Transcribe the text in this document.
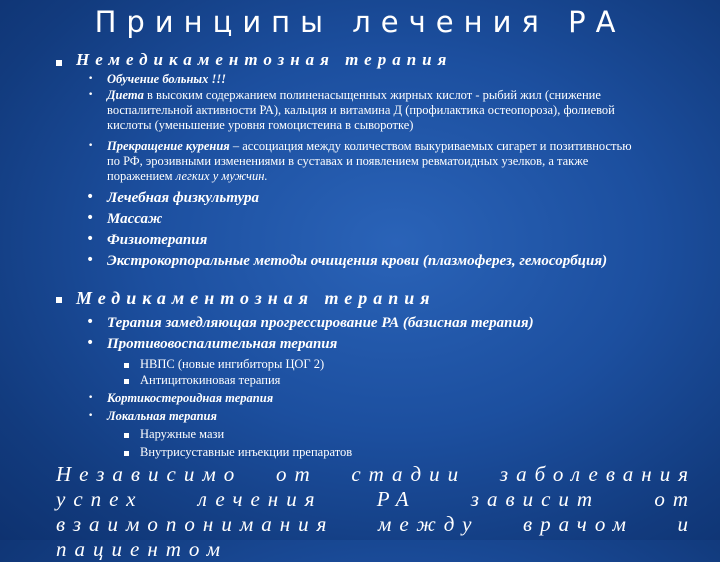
Принципы лечения РА
Немедикаментозная терапия
• Обучение больных !!!
• Диета в высоким содержанием полиненасыщенных жирных кислот - рыбий жил (снижение воспалительной активности РА), кальция и витамина Д (профилактика остеопороза), фолиевой кислоты (уменьшение уровня гомоцистеина в сыворотке)
• Прекращение курения – ассоциация между количеством выкуриваемых сигарет и позитивностью по РФ, эрозивными изменениями в суставах и появлением ревматоидных узелков, а также поражением легких у мужчин.
• Лечебная физкультура
• Массаж
• Физиотерапия
• Экстрокорпоральные методы очищения крови (плазмоферез, гемосорбция)
Медикаментозная терапия
• Терапия замедляющая прогрессирование РА (базисная терапия)
• Противовоспалительная терапия
НВПС (новые ингибиторы ЦОГ 2)
Антицитокиновая терапия
• Кортикостероидная терапия
• Локальная терапия
Наружные мази
Внутрисуставные инъекции препаратов
Независимо от стадии заболевания успех лечения РА зависит от взаимопонимания между врачом и пациентом
